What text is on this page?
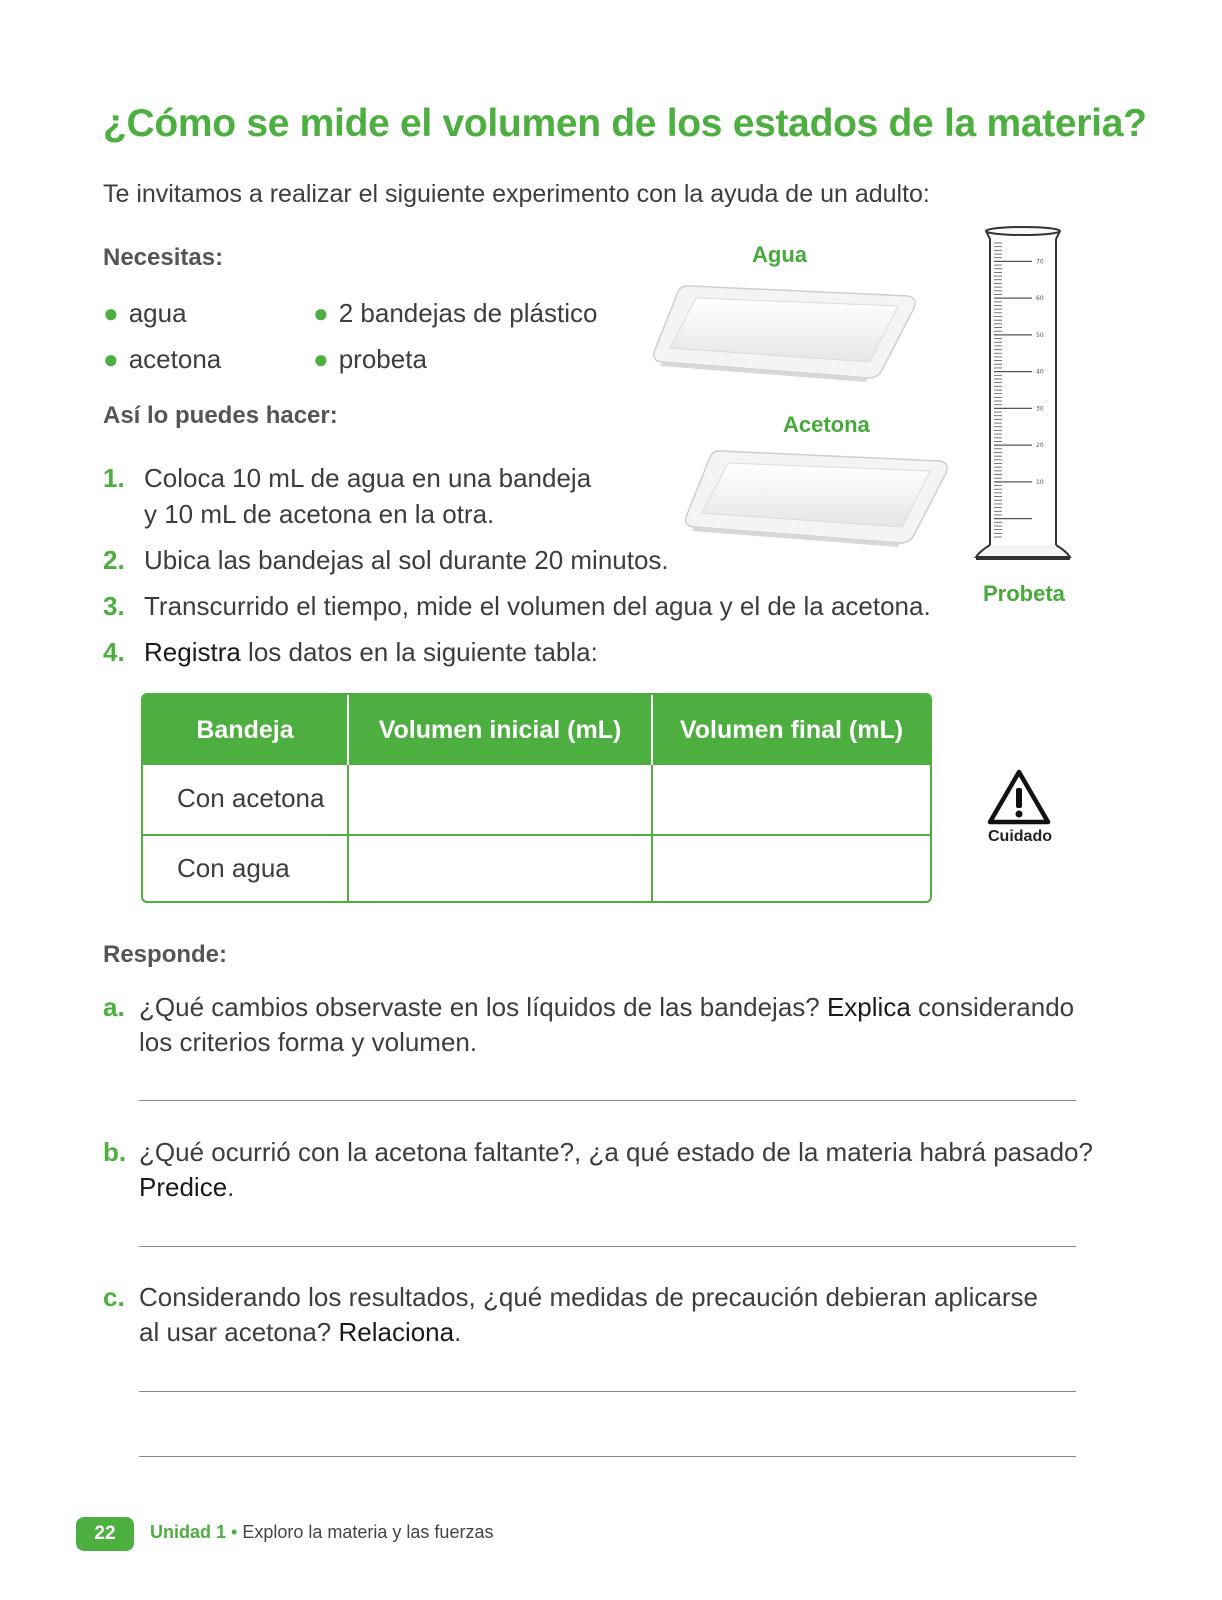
¿Cómo se mide el volumen de los estados de la materia?
Te invitamos a realizar el siguiente experimento con la ayuda de un adulto:
Necesitas:
● agua
● acetona
● 2 bandejas de plástico
● probeta
Así lo puedes hacer:
1. Coloca 10 mL de agua en una bandeja
y 10 mL de acetona en la otra.
2. Ubica las bandejas al sol durante 20 minutos.
3. Transcurrido el tiempo, mide el volumen del agua y el de la acetona.
4. Registra los datos en la siguiente tabla:
Agua
Acetona
Probeta
70
60
50
40
30
20
10
Bandeja	Volumen inicial (mL)	Volumen final (mL)
Con acetona
Con agua
Cuidado
Responde:
a. ¿Qué cambios observaste en los líquidos de las bandejas? Explica considerando
los criterios forma y volumen.
b. ¿Qué ocurrió con la acetona faltante?, ¿a qué estado de la materia habrá pasado?
Predice.
c. Considerando los resultados, ¿qué medidas de precaución debieran aplicarse
al usar acetona? Relaciona.
22	Unidad 1 • Exploro la materia y las fuerzas
